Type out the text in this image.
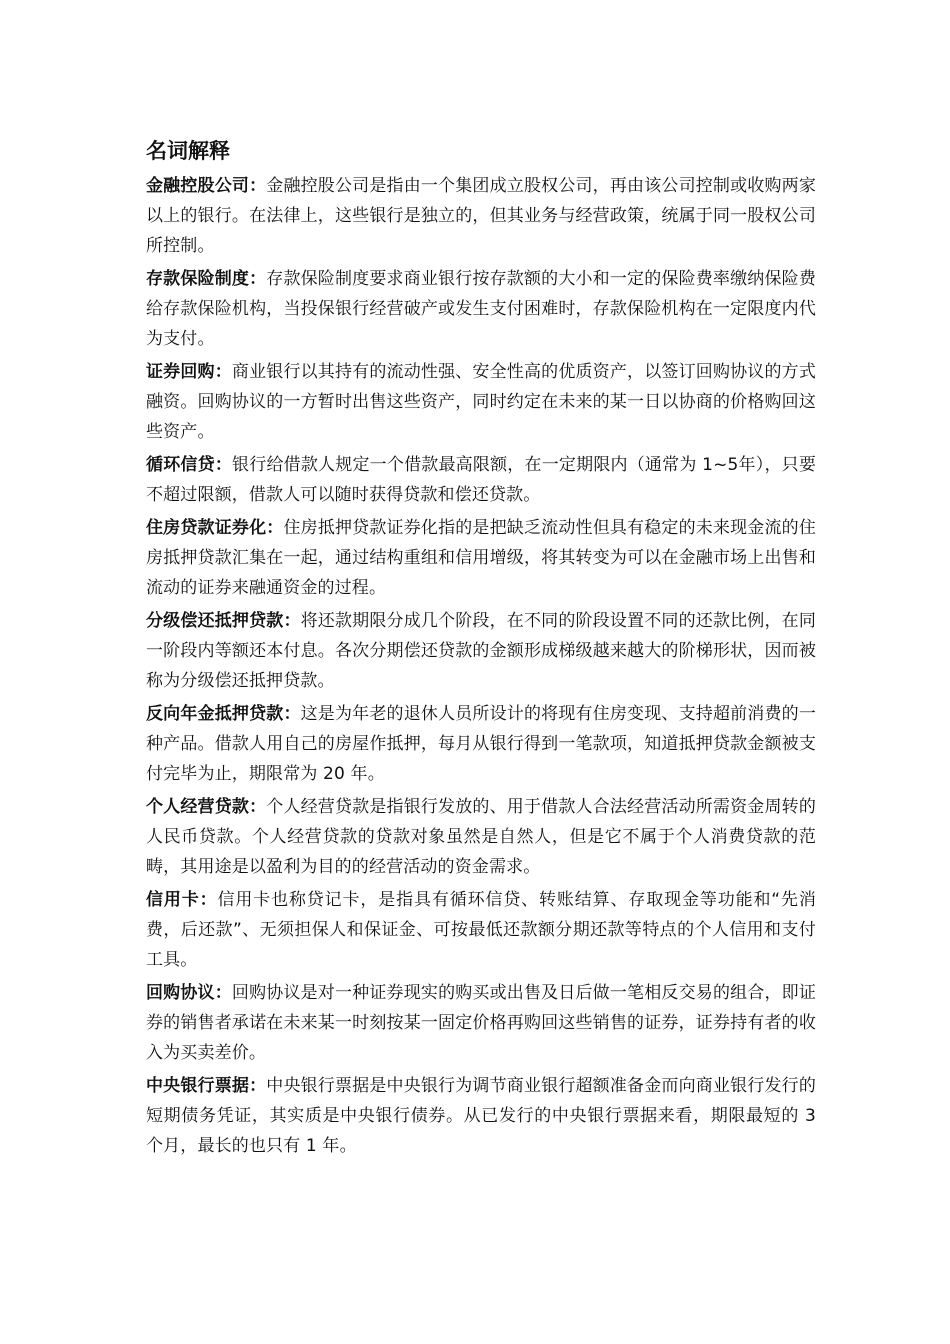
名词解释

金融控股公司：金融控股公司是指由一个集团成立股权公司，再由该公司控制或收购两家以上的银行。在法律上，这些银行是独立的，但其业务与经营政策，统属于同一股权公司所控制。

存款保险制度：存款保险制度要求商业银行按存款额的大小和一定的保险费率缴纳保险费给存款保险机构，当投保银行经营破产或发生支付困难时，存款保险机构在一定限度内代为支付。

证券回购：商业银行以其持有的流动性强、安全性高的优质资产，以签订回购协议的方式融资。回购协议的一方暂时出售这些资产，同时约定在未来的某一日以协商的价格购回这些资产。

循环信贷：银行给借款人规定一个借款最高限额，在一定期限内（通常为 1~5年），只要不超过限额，借款人可以随时获得贷款和偿还贷款。

住房贷款证券化：住房抵押贷款证券化指的是把缺乏流动性但具有稳定的未来现金流的住房抵押贷款汇集在一起，通过结构重组和信用增级，将其转变为可以在金融市场上出售和流动的证券来融通资金的过程。

分级偿还抵押贷款：将还款期限分成几个阶段，在不同的阶段设置不同的还款比例，在同一阶段内等额还本付息。各次分期偿还贷款的金额形成梯级越来越大的阶梯形状，因而被称为分级偿还抵押贷款。

反向年金抵押贷款：这是为年老的退休人员所设计的将现有住房变现、支持超前消费的一种产品。借款人用自己的房屋作抵押，每月从银行得到一笔款项，知道抵押贷款金额被支付完毕为止，期限常为 20 年。

个人经营贷款：个人经营贷款是指银行发放的、用于借款人合法经营活动所需资金周转的人民币贷款。个人经营贷款的贷款对象虽然是自然人，但是它不属于个人消费贷款的范畴，其用途是以盈利为目的的经营活动的资金需求。

信用卡：信用卡也称贷记卡，是指具有循环信贷、转账结算、存取现金等功能和“先消费，后还款”、无须担保人和保证金、可按最低还款额分期还款等特点的个人信用和支付工具。

回购协议：回购协议是对一种证券现实的购买或出售及日后做一笔相反交易的组合，即证券的销售者承诺在未来某一时刻按某一固定价格再购回这些销售的证券，证券持有者的收入为买卖差价。

中央银行票据：中央银行票据是中央银行为调节商业银行超额准备金而向商业银行发行的短期债务凭证，其实质是中央银行债券。从已发行的中央银行票据来看，期限最短的 3 个月，最长的也只有 1 年。
